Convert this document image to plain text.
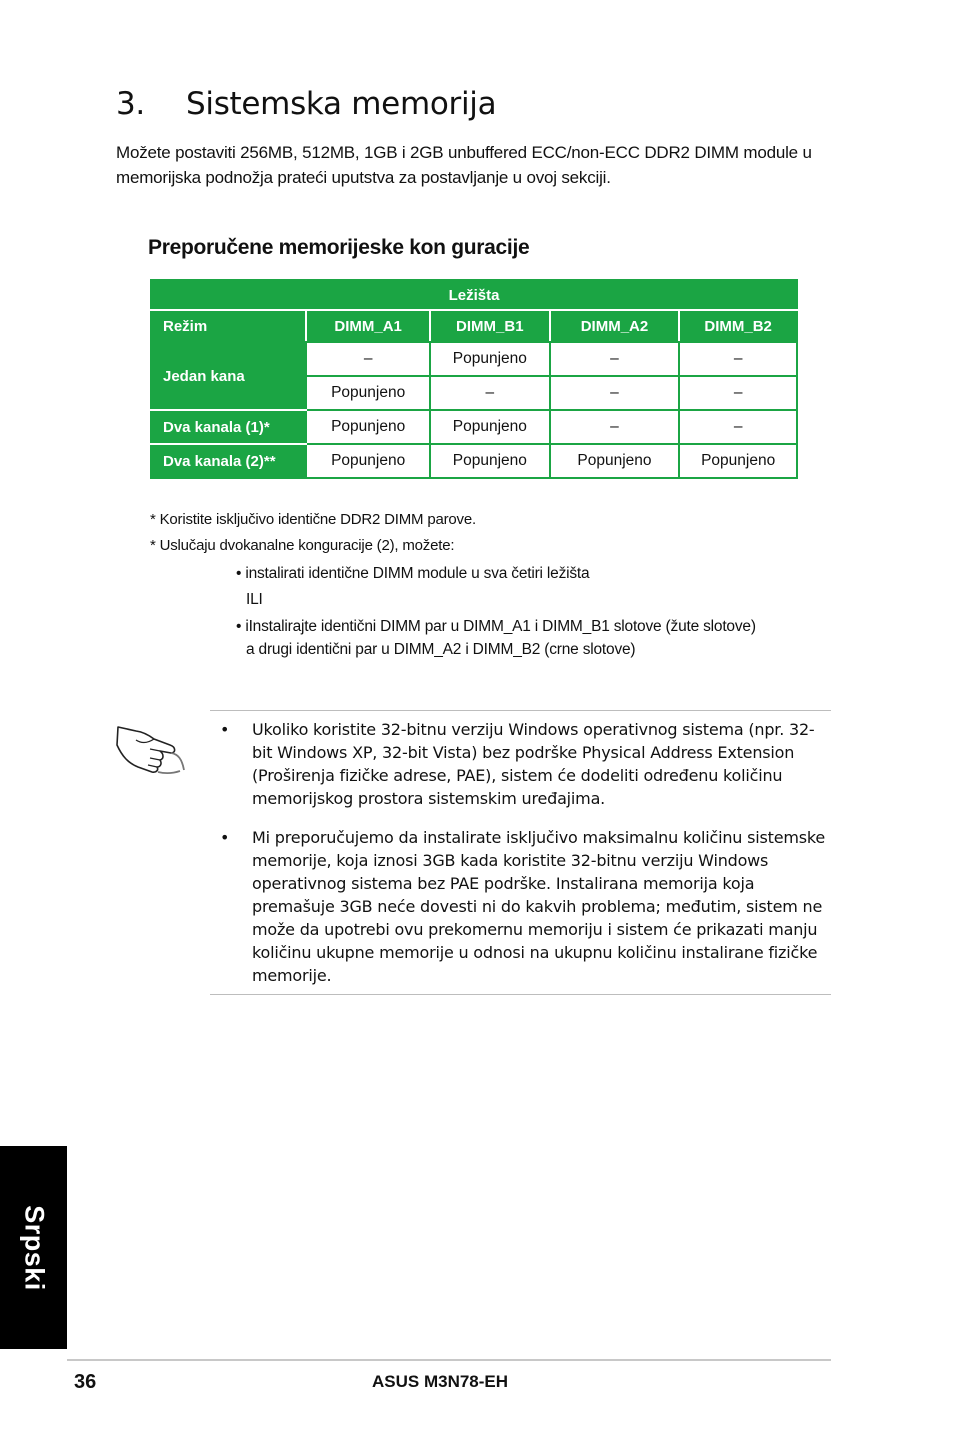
3. Sistemska memorija

Možete postaviti 256MB, 512MB, 1GB i 2GB unbuffered ECC/non-ECC DDR2 DIMM module u memorijska podnožja prateći uputstva za postavljanje u ovoj sekciji.

Preporučene memorijeske kon guracije
Ležišta				
Režim	DIMM_A1	DIMM_B1	DIMM_A2	DIMM_B2
Jedan kana	–	Popunjeno	–	–
	Popunjeno	–	–	–
Dva kanala (1)*	Popunjeno	Popunjeno	–	–
Dva kanala (2)**	Popunjeno	Popunjeno	Popunjeno	Popunjeno

* Koristite isključivo identične DDR2 DIMM parove.

* Uslučaju dvokanalne konguracije (2), možete:

• instalirati identične DIMM module u sva četiri ležišta
ILI
• iInstalirajte identični DIMM par u DIMM_A1 i DIMM_B1 slotove (žute slotove)
a drugi identični par u DIMM_A2 i DIMM_B2 (crne slotove)
• Ukoliko koristite 32-bitnu verziju Windows operativnog sistema (npr. 32-bit Windows XP, 32-bit Vista) bez podrške Physical Address Extension (Proširenja fizičke adrese, PAE), sistem će dodeliti određenu količinu memorijskog prostora sistemskim uređajima.
• Mi preporučujemo da instalirate isključivo maksimalnu količinu sistemske memorije, koja iznosi 3GB kada koristite 32-bitnu verziju Windows operativnog sistema bez PAE podrške. Instalirana memorija koja premašuje 3GB neće dovesti ni do kakvih problema; međutim, sistem ne može da upotrebi ovu prekomernu memoriju i sistem će prikazati manju količinu ukupne memorije u odnosi na ukupnu količinu instalirane fizičke memorije.
Srpski
36	ASUS M3N78-EH
